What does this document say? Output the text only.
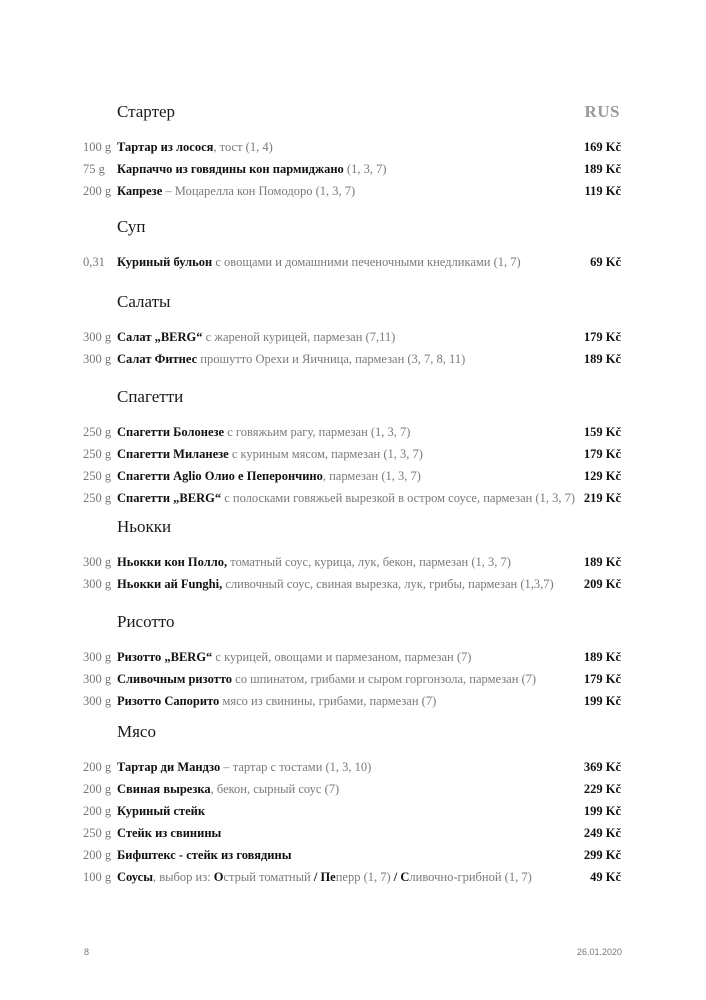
RUS
Стартер
100 g Тартар из лосося, тост (1, 4)	169 Kč
75 g Карпаччо из говядины кон пармиджано (1, 3, 7)	189 Kč
200 g Капрезе – Моцарелла кон Помодоро (1, 3, 7)	119 Kč
Суп
0,31 Куриный бульон с овощами и домашними печеночными кнедликами (1, 7)	69 Kč
Салаты
300 g Салат „BERG“ с жареной курицей, пармезан (7,11)	179 Kč
300 g Салат Фитнес прошутто Орехи и Яичница, пармезан (3, 7, 8, 11)	189 Kč
Спагетти
250 g Спагетти Болонезе с говяжьим рагу, пармезан (1, 3, 7)	159 Kč
250 g Спагетти Миланезе с куриным мясом, пармезан (1, 3, 7)	179 Kč
250 g Спагетти Aglio Олио е Пеперончино, пармезан (1, 3, 7)	129 Kč
250 g Спагетти „BERG“ с полосками говяжьей вырезкой в остром соусе, пармезан (1, 3, 7) 219 Kč
Ньокки
300 g Ньокки кон Полло, томатный соус, курица, лук, бекон, пармезан (1, 3, 7)	189 Kč
300 g Ньокки ай Funghi, сливочный соус, свиная вырезка, лук, грибы, пармезан (1,3,7) 209 Kč
Рисотто
300 g Ризотто „BERG“ с курицей, овощами и пармезаном, пармезан (7)	189 Kč
300 g Сливочным ризотто со шпинатом, грибами и сыром горгонзола, пармезан (7)	179 Kč
300 g Ризотто Сапорито мясо из свинины, грибами, пармезан (7)	199 Kč
Мясо
200 g Тартар ди Мандзо – тартар с тостами (1, 3, 10)	369 Kč
200 g Свиная вырезка, бекон, сырный соус (7)	229 Kč
200 g Куриный стейк	199 Kč
250 g Стейк из свинины	249 Kč
200 g Бифштекс - стейк из говядины	299 Kč
100 g Соусы, выбор из: Острый томатный / Пеперр (1, 7) / Сливочно-грибной (1, 7)	49 Kč
8	26.01.2020
